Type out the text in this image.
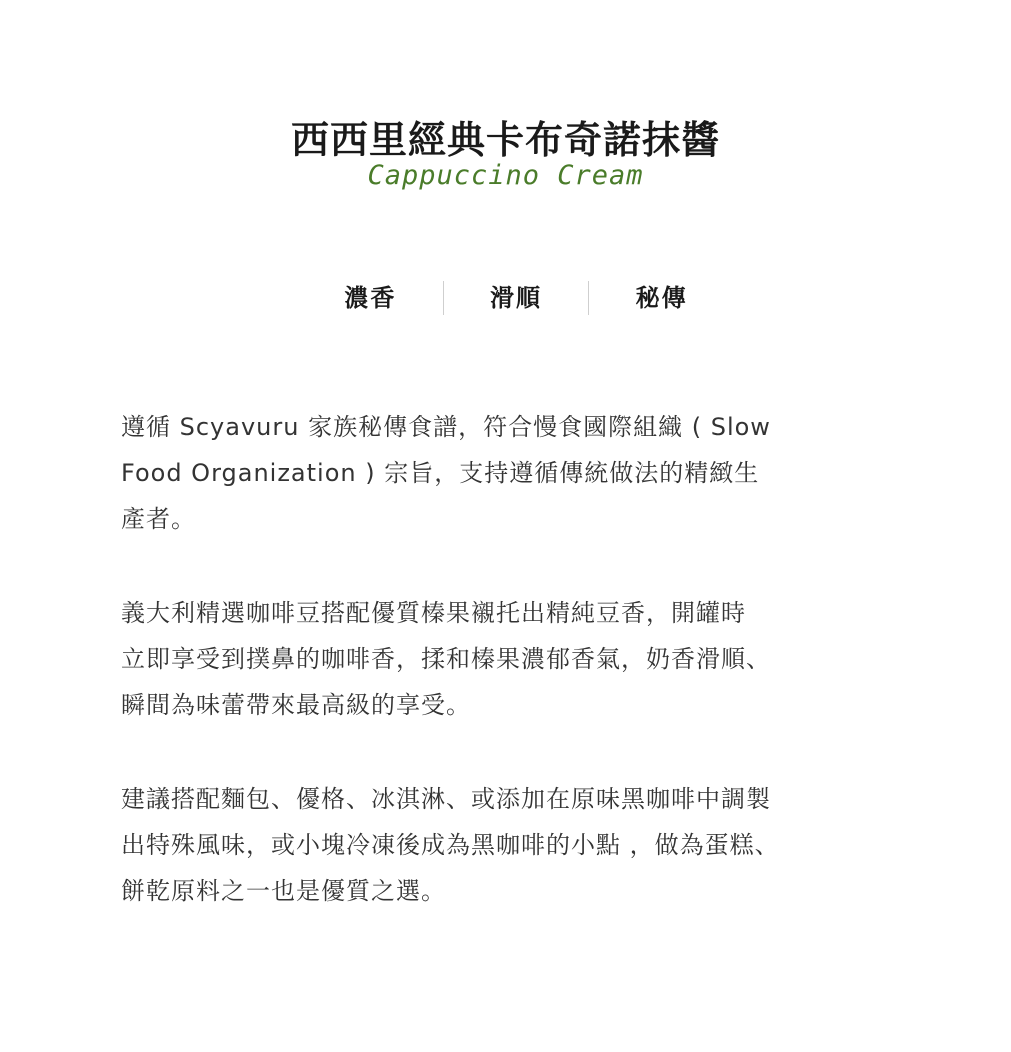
西西里經典卡布奇諾抹醬
Cappuccino Cream
濃香	滑順	秘傳

遵循 Scyavuru 家族秘傳食譜，符合慢食國際組織 ( Slow
Food Organization ) 宗旨，支持遵循傳統做法的精緻生
產者。

義大利精選咖啡豆搭配優質榛果襯托出精純豆香，開罐時
立即享受到撲鼻的咖啡香，揉和榛果濃郁香氣，奶香滑順、
瞬間為味蕾帶來最高級的享受。

建議搭配麵包、優格、冰淇淋、或添加在原味黑咖啡中調製
出特殊風味，或小塊冷凍後成為黑咖啡的小點 ，做為蛋糕、
餅乾原料之一也是優質之選。
